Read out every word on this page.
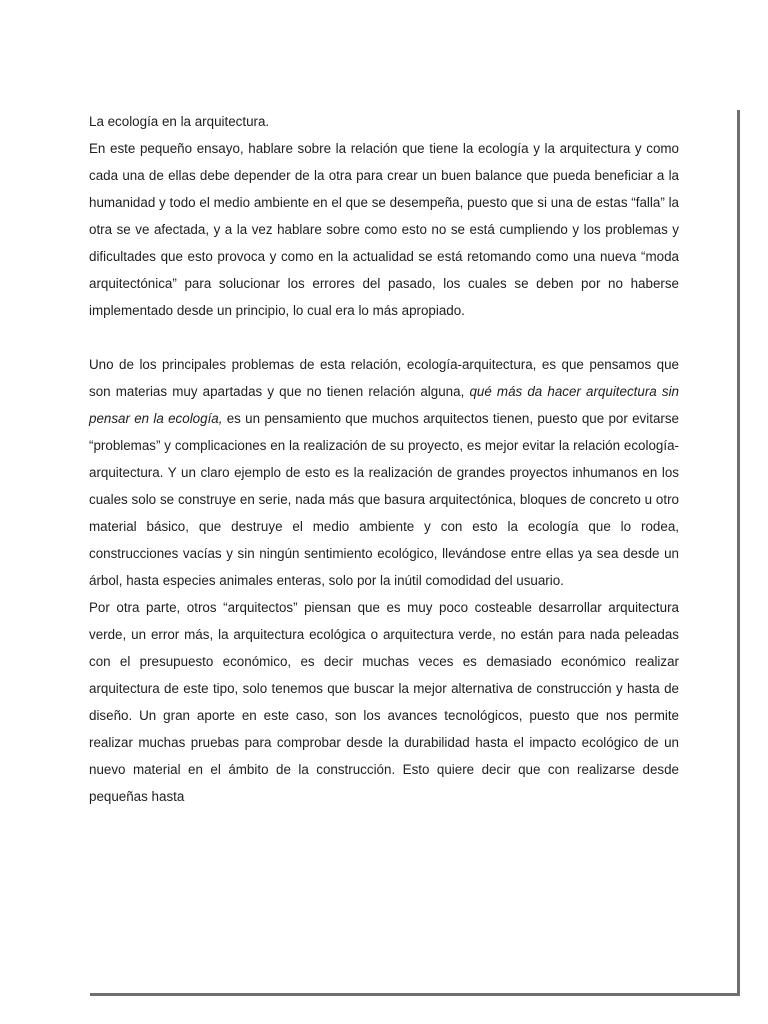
La ecología en la arquitectura.

En este pequeño ensayo, hablare sobre la relación que tiene la ecología y la arquitectura y como cada una de ellas debe depender de la otra para crear un buen balance que pueda beneficiar a la humanidad y todo el medio ambiente en el que se desempeña, puesto que si una de estas “falla” la otra se ve afectada, y a la vez hablare sobre como esto no se está cumpliendo y los problemas y dificultades que esto provoca y como en la actualidad se está retomando como una nueva “moda arquitectónica” para solucionar los errores del pasado, los cuales se deben por no haberse implementado desde un principio, lo cual era lo más apropiado.

Uno de los principales problemas de esta relación, ecología-arquitectura, es que pensamos que son materias muy apartadas y que no tienen relación alguna, qué más da hacer arquitectura sin pensar en la ecología, es un pensamiento que muchos arquitectos tienen, puesto que por evitarse “problemas” y complicaciones en la realización de su proyecto, es mejor evitar la relación ecología-arquitectura. Y un claro ejemplo de esto es la realización de grandes proyectos inhumanos en los cuales solo se construye en serie, nada más que basura arquitectónica, bloques de concreto u otro material básico, que destruye el medio ambiente y con esto la ecología que lo rodea, construcciones vacías y sin ningún sentimiento ecológico, llevándose entre ellas ya sea desde un árbol, hasta especies animales enteras, solo por la inútil comodidad del usuario.

Por otra parte, otros “arquitectos” piensan que es muy poco costeable desarrollar arquitectura verde, un error más, la arquitectura ecológica o arquitectura verde, no están para nada peleadas con el presupuesto económico, es decir muchas veces es demasiado económico realizar arquitectura de este tipo, solo tenemos que buscar la mejor alternativa de construcción y hasta de diseño. Un gran aporte en este caso, son los avances tecnológicos, puesto que nos permite realizar muchas pruebas para comprobar desde la durabilidad hasta el impacto ecológico de un nuevo material en el ámbito de la construcción. Esto quiere decir que con realizarse desde pequeñas hasta
